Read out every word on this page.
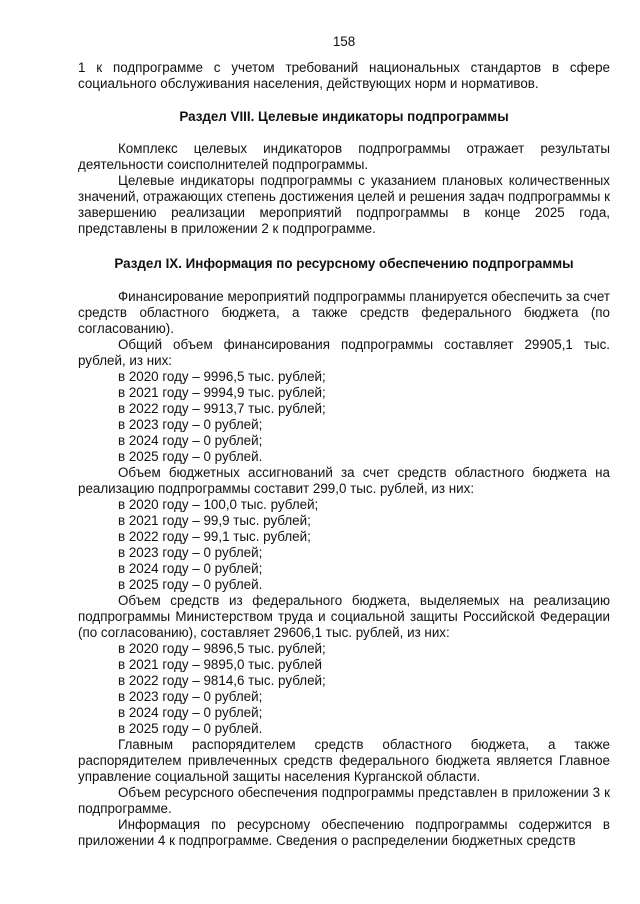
158

1 к подпрограмме с учетом требований национальных стандартов в сфере социального обслуживания населения, действующих норм и нормативов.

Раздел VIII. Целевые индикаторы подпрограммы

Комплекс целевых индикаторов подпрограммы отражает результаты деятельности соисполнителей подпрограммы.

Целевые индикаторы подпрограммы с указанием плановых количественных значений, отражающих степень достижения целей и решения задач подпрограммы к завершению реализации мероприятий подпрограммы в конце 2025 года, представлены в приложении 2 к подпрограмме.

Раздел IX. Информация по ресурсному обеспечению подпрограммы

Финансирование мероприятий подпрограммы планируется обеспечить за счет средств областного бюджета, а также средств федерального бюджета (по согласованию).

Общий объем финансирования подпрограммы составляет 29905,1 тыс. рублей, из них:

в 2020 году – 9996,5 тыс. рублей;

в 2021 году – 9994,9 тыс. рублей;

в 2022 году – 9913,7 тыс. рублей;

в 2023 году – 0 рублей;

в 2024 году – 0 рублей;

в 2025 году – 0 рублей.

Объем бюджетных ассигнований за счет средств областного бюджета на реализацию подпрограммы составит 299,0 тыс. рублей, из них:

в 2020 году – 100,0 тыс. рублей;

в 2021 году – 99,9 тыс. рублей;

в 2022 году – 99,1 тыс. рублей;

в 2023 году – 0 рублей;

в 2024 году – 0 рублей;

в 2025 году – 0 рублей.

Объем средств из федерального бюджета, выделяемых на реализацию подпрограммы Министерством труда и социальной защиты Российской Федерации (по согласованию), составляет 29606,1 тыс. рублей, из них:

в 2020 году – 9896,5 тыс. рублей;

в 2021 году – 9895,0 тыс. рублей

в 2022 году – 9814,6 тыс. рублей;

в 2023 году – 0 рублей;

в 2024 году – 0 рублей;

в 2025 году – 0 рублей.

Главным распорядителем средств областного бюджета, а также распорядителем привлеченных средств федерального бюджета является Главное управление социальной защиты населения Курганской области.

Объем ресурсного обеспечения подпрограммы представлен в приложении 3 к подпрограмме.

Информация по ресурсному обеспечению подпрограммы содержится в приложении 4 к подпрограмме. Сведения о распределении бюджетных средств
